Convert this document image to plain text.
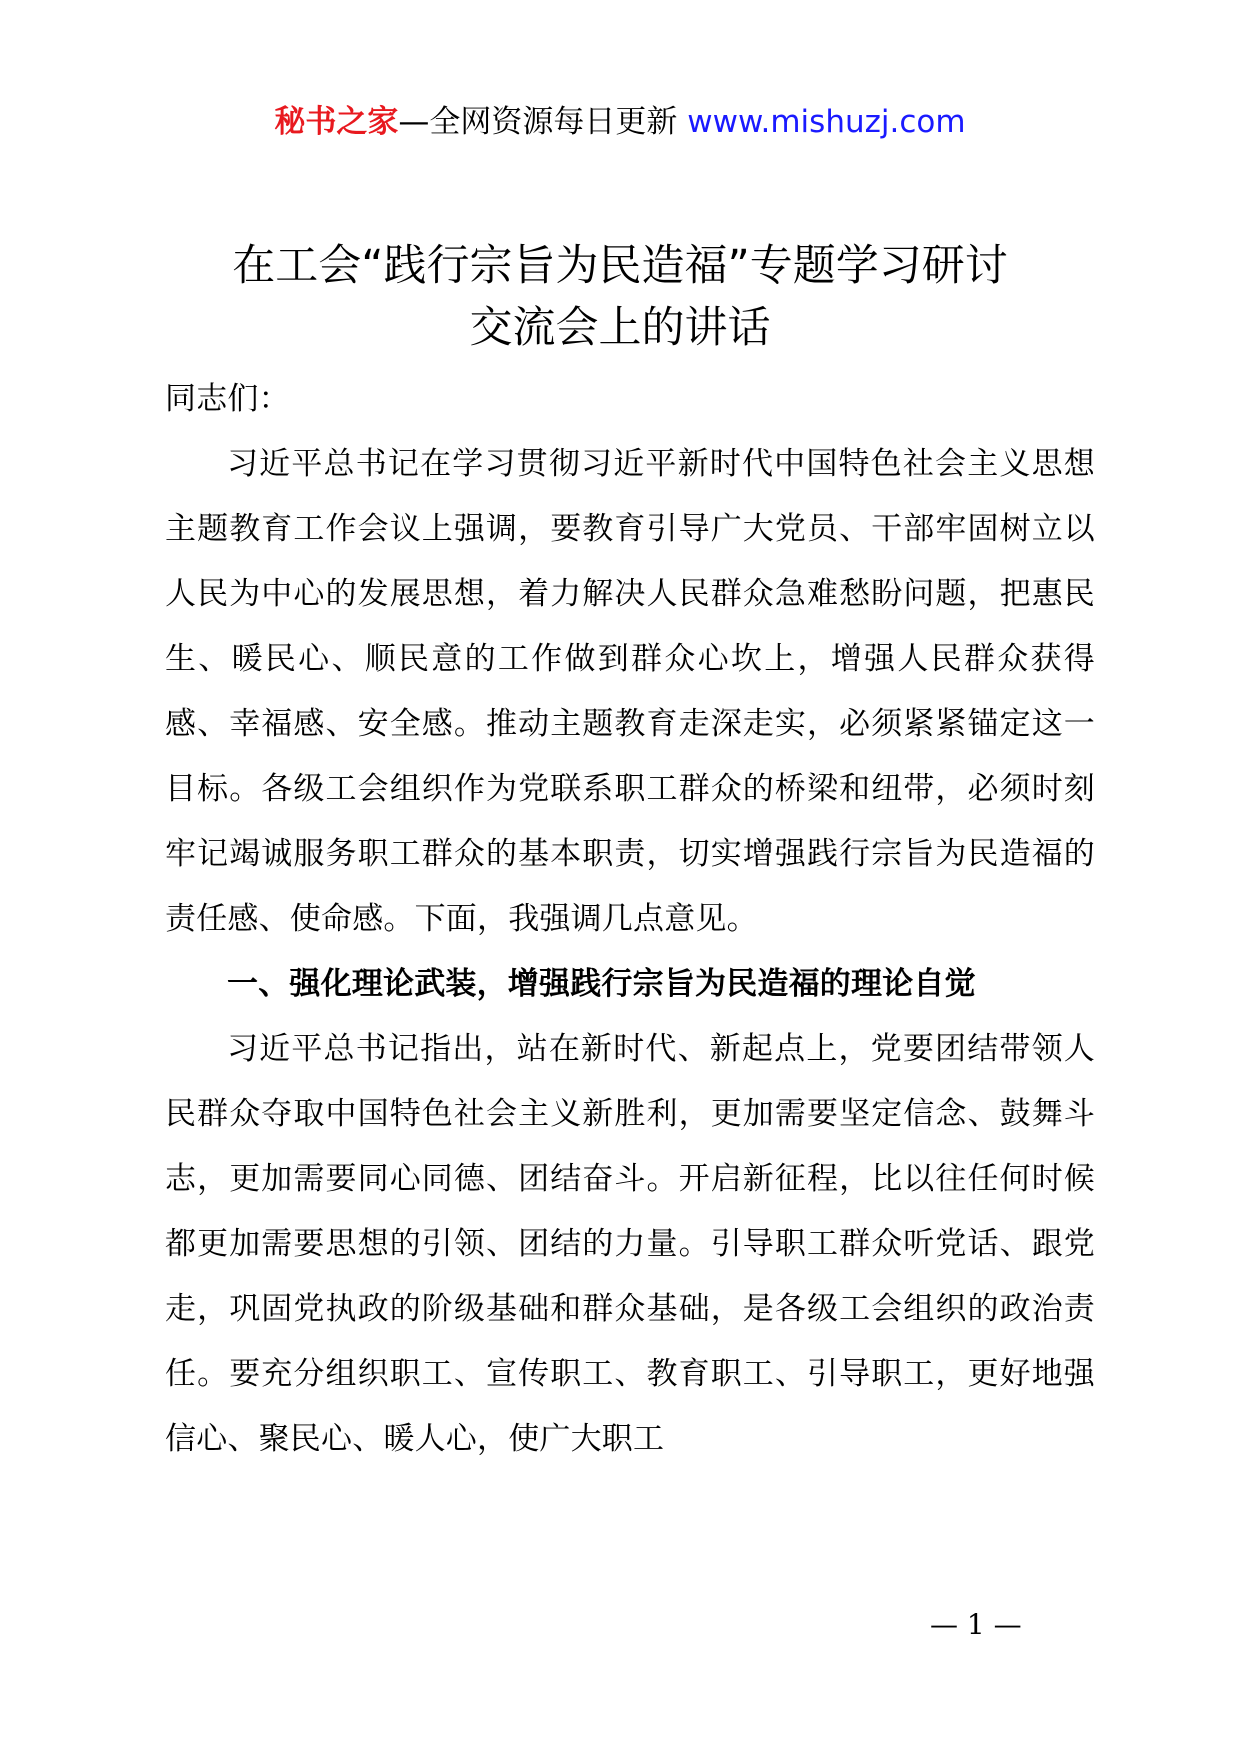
秘书之家—全网资源每日更新 www.mishuzj.com
在工会“践行宗旨为民造福”专题学习研讨
交流会上的讲话

同志们：

习近平总书记在学习贯彻习近平新时代中国特色社会主义思想主题教育工作会议上强调，要教育引导广大党员、干部牢固树立以人民为中心的发展思想，着力解决人民群众急难愁盼问题，把惠民生、暖民心、顺民意的工作做到群众心坎上，增强人民群众获得感、幸福感、安全感。推动主题教育走深走实，必须紧紧锚定这一目标。各级工会组织作为党联系职工群众的桥梁和纽带，必须时刻牢记竭诚服务职工群众的基本职责，切实增强践行宗旨为民造福的责任感、使命感。下面，我强调几点意见。

一、强化理论武装，增强践行宗旨为民造福的理论自觉

习近平总书记指出，站在新时代、新起点上，党要团结带领人民群众夺取中国特色社会主义新胜利，更加需要坚定信念、鼓舞斗志，更加需要同心同德、团结奋斗。开启新征程，比以往任何时候都更加需要思想的引领、团结的力量。引导职工群众听党话、跟党走，巩固党执政的阶级基础和群众基础，是各级工会组织的政治责任。要充分组织职工、宣传职工、教育职工、引导职工，更好地强信心、聚民心、暖人心，使广大职工

— 1 —
